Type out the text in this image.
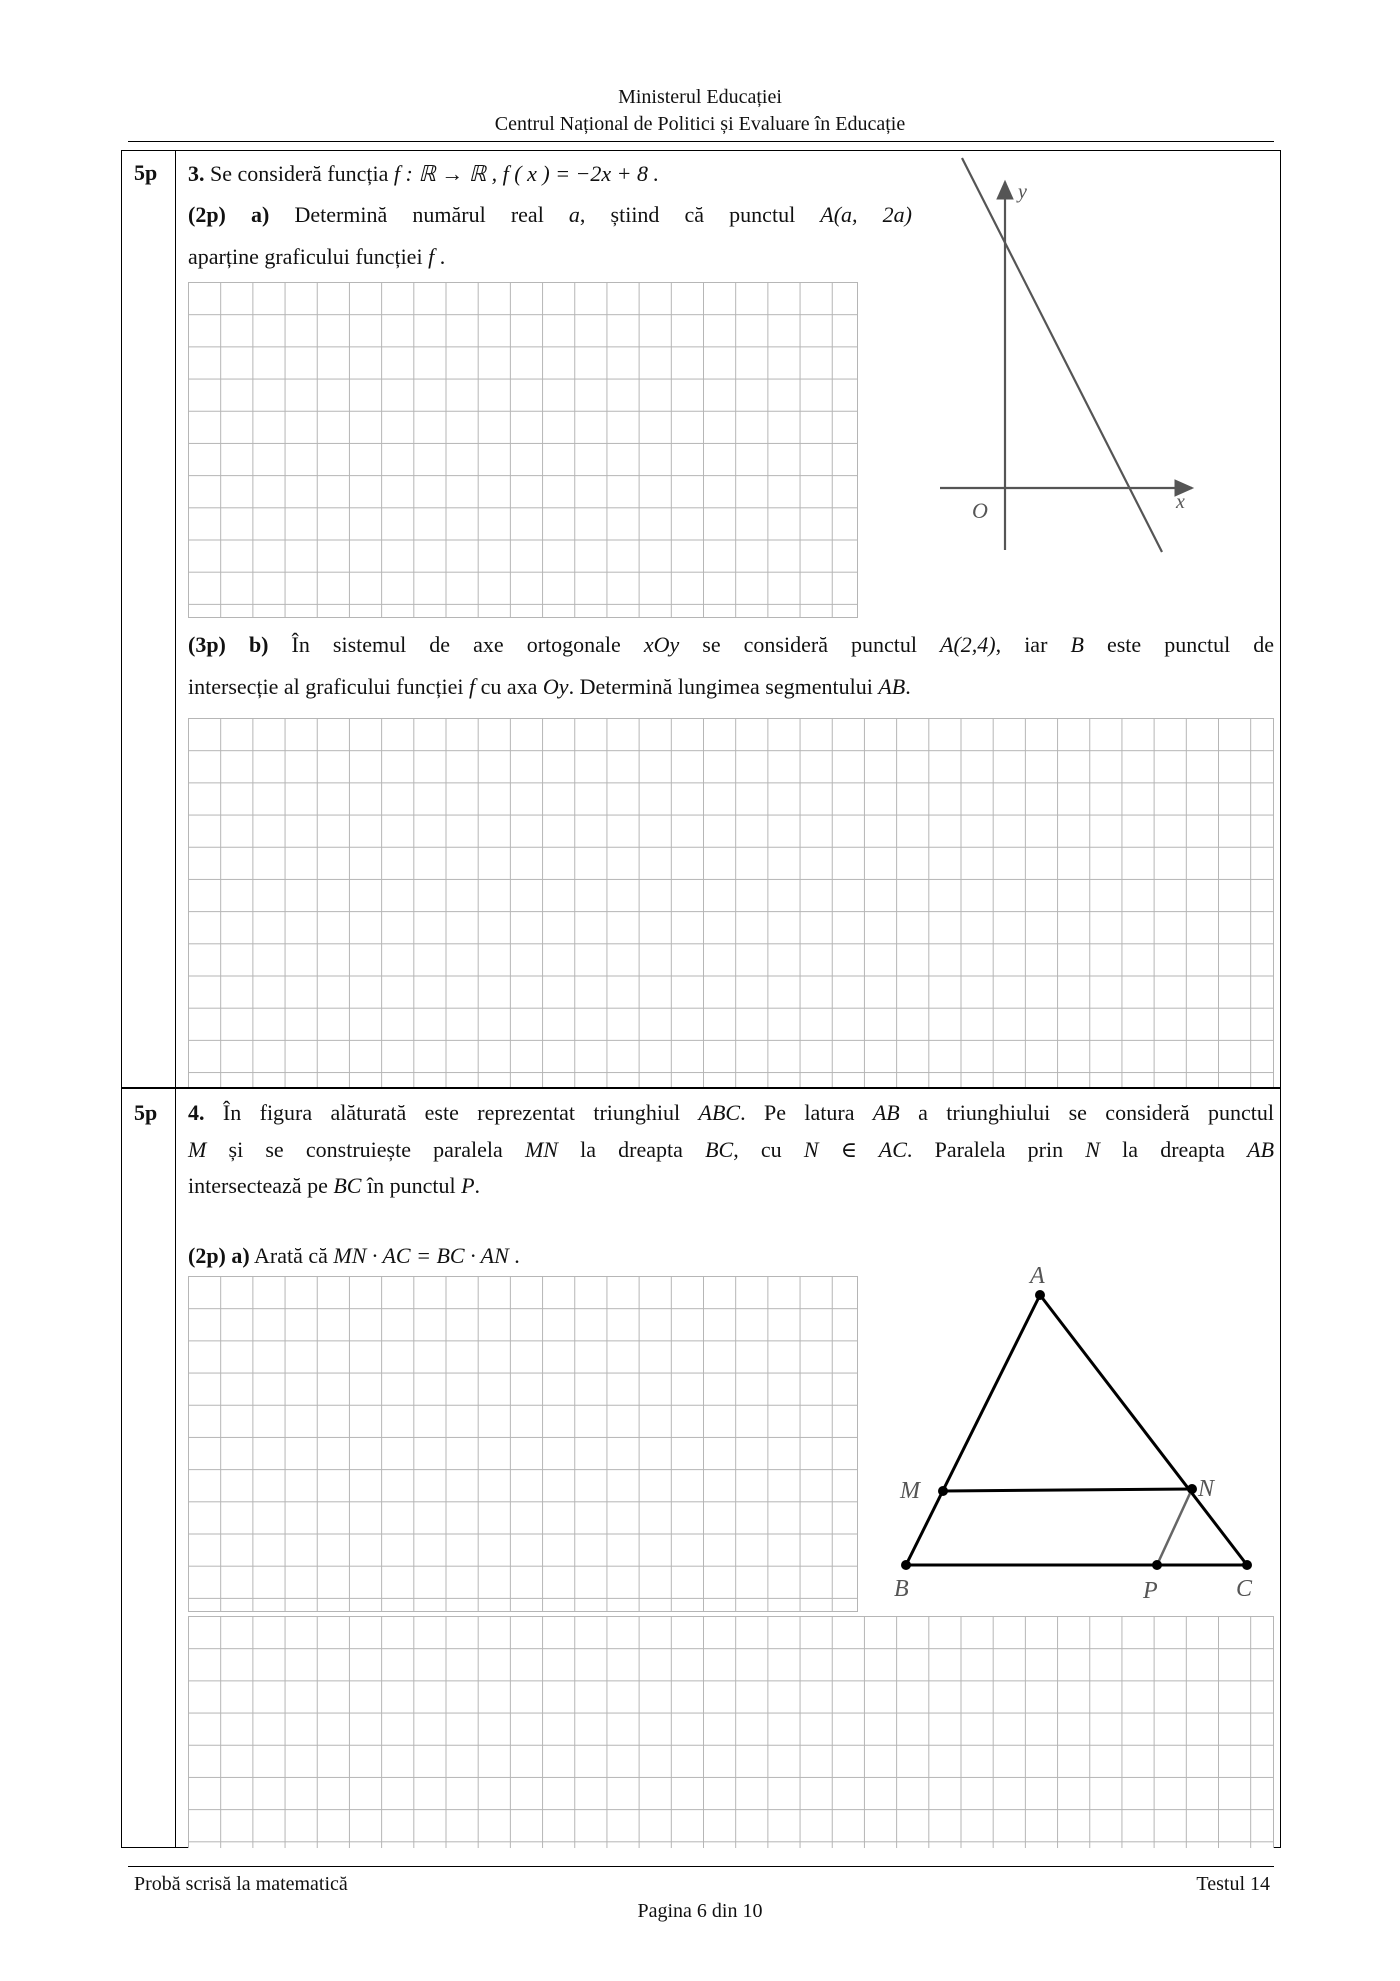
Ministerul Educației
Centrul Național de Politici și Evaluare în Educație
5p 3. Se consideră funcția f : ℝ → ℝ , f ( x ) = −2x + 8 .
(2p) a) Determină numărul real a, știind că punctul A(a, 2a)
aparține graficului funcției f .
y
x
O
(3p) b) În sistemul de axe ortogonale xOy se consideră punctul A(2,4), iar B este punctul de
intersecție al graficului funcției f cu axa Oy. Determină lungimea segmentului AB.
5p 4. În figura alăturată este reprezentat triunghiul ABC. Pe latura AB a triunghiului se consideră punctul
M și se construiește paralela MN la dreapta BC, cu N ∈ AC. Paralela prin N la dreapta AB
intersectează pe BC în punctul P.
(2p) a) Arată că MN · AC = BC · AN .
A
B	C
M	N
P
Probă scrisă la matematică	Testul 14
Pagina 6 din 10
